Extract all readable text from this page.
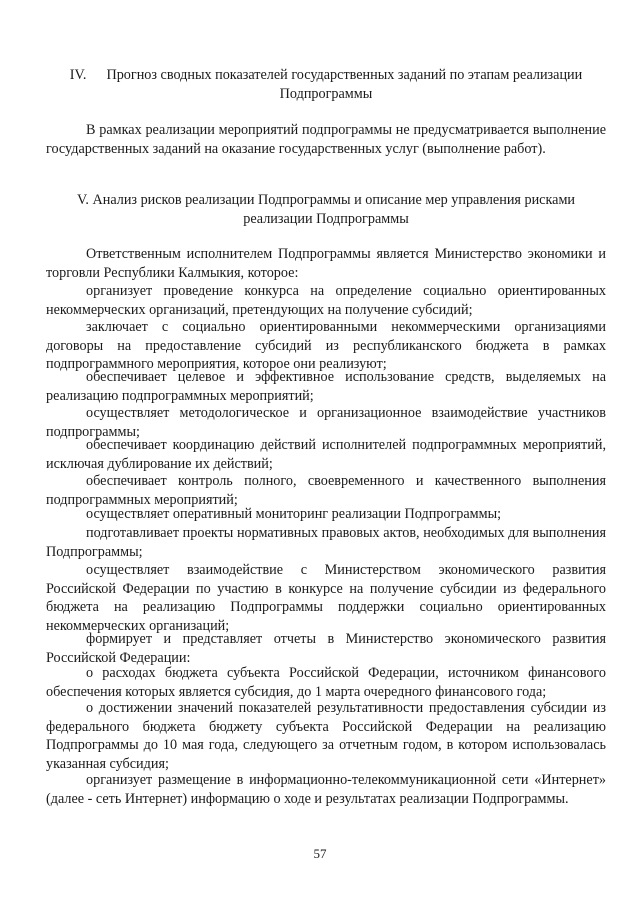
IV. Прогноз сводных показателей государственных заданий по этапам реализации Подпрограммы
В рамках реализации мероприятий подпрограммы не предусматривается выполнение государственных заданий на оказание государственных услуг (выполнение работ).
V. Анализ рисков реализации Подпрограммы и описание мер управления рисками реализации Подпрограммы
Ответственным исполнителем Подпрограммы является Министерство экономики и торговли Республики Калмыкия, которое:
организует проведение конкурса на определение социально ориентированных некоммерческих организаций, претендующих на получение субсидий;
заключает с социально ориентированными некоммерческими организациями договоры на предоставление субсидий из республиканского бюджета в рамках подпрограммного мероприятия, которое они реализуют;
обеспечивает целевое и эффективное использование средств, выделяемых на реализацию подпрограммных мероприятий;
осуществляет методологическое и организационное взаимодействие участников подпрограммы;
обеспечивает координацию действий исполнителей подпрограммных мероприятий, исключая дублирование их действий;
обеспечивает контроль полного, своевременного и качественного выполнения подпрограммных мероприятий;
осуществляет оперативный мониторинг реализации Подпрограммы;
подготавливает проекты нормативных правовых актов, необходимых для выполнения Подпрограммы;
осуществляет взаимодействие с Министерством экономического развития Российской Федерации по участию в конкурсе на получение субсидии из федерального бюджета на реализацию Подпрограммы поддержки социально ориентированных некоммерческих организаций;
формирует и представляет отчеты в Министерство экономического развития Российской Федерации:
о расходах бюджета субъекта Российской Федерации, источником финансового обеспечения которых является субсидия, до 1 марта очередного финансового года;
о достижении значений показателей результативности предоставления субсидии из федерального бюджета бюджету субъекта Российской Федерации на реализацию Подпрограммы до 10 мая года, следующего за отчетным годом, в котором использовалась указанная субсидия;
организует размещение в информационно-телекоммуникационной сети «Интернет» (далее - сеть Интернет) информацию о ходе и результатах реализации Подпрограммы.
57
